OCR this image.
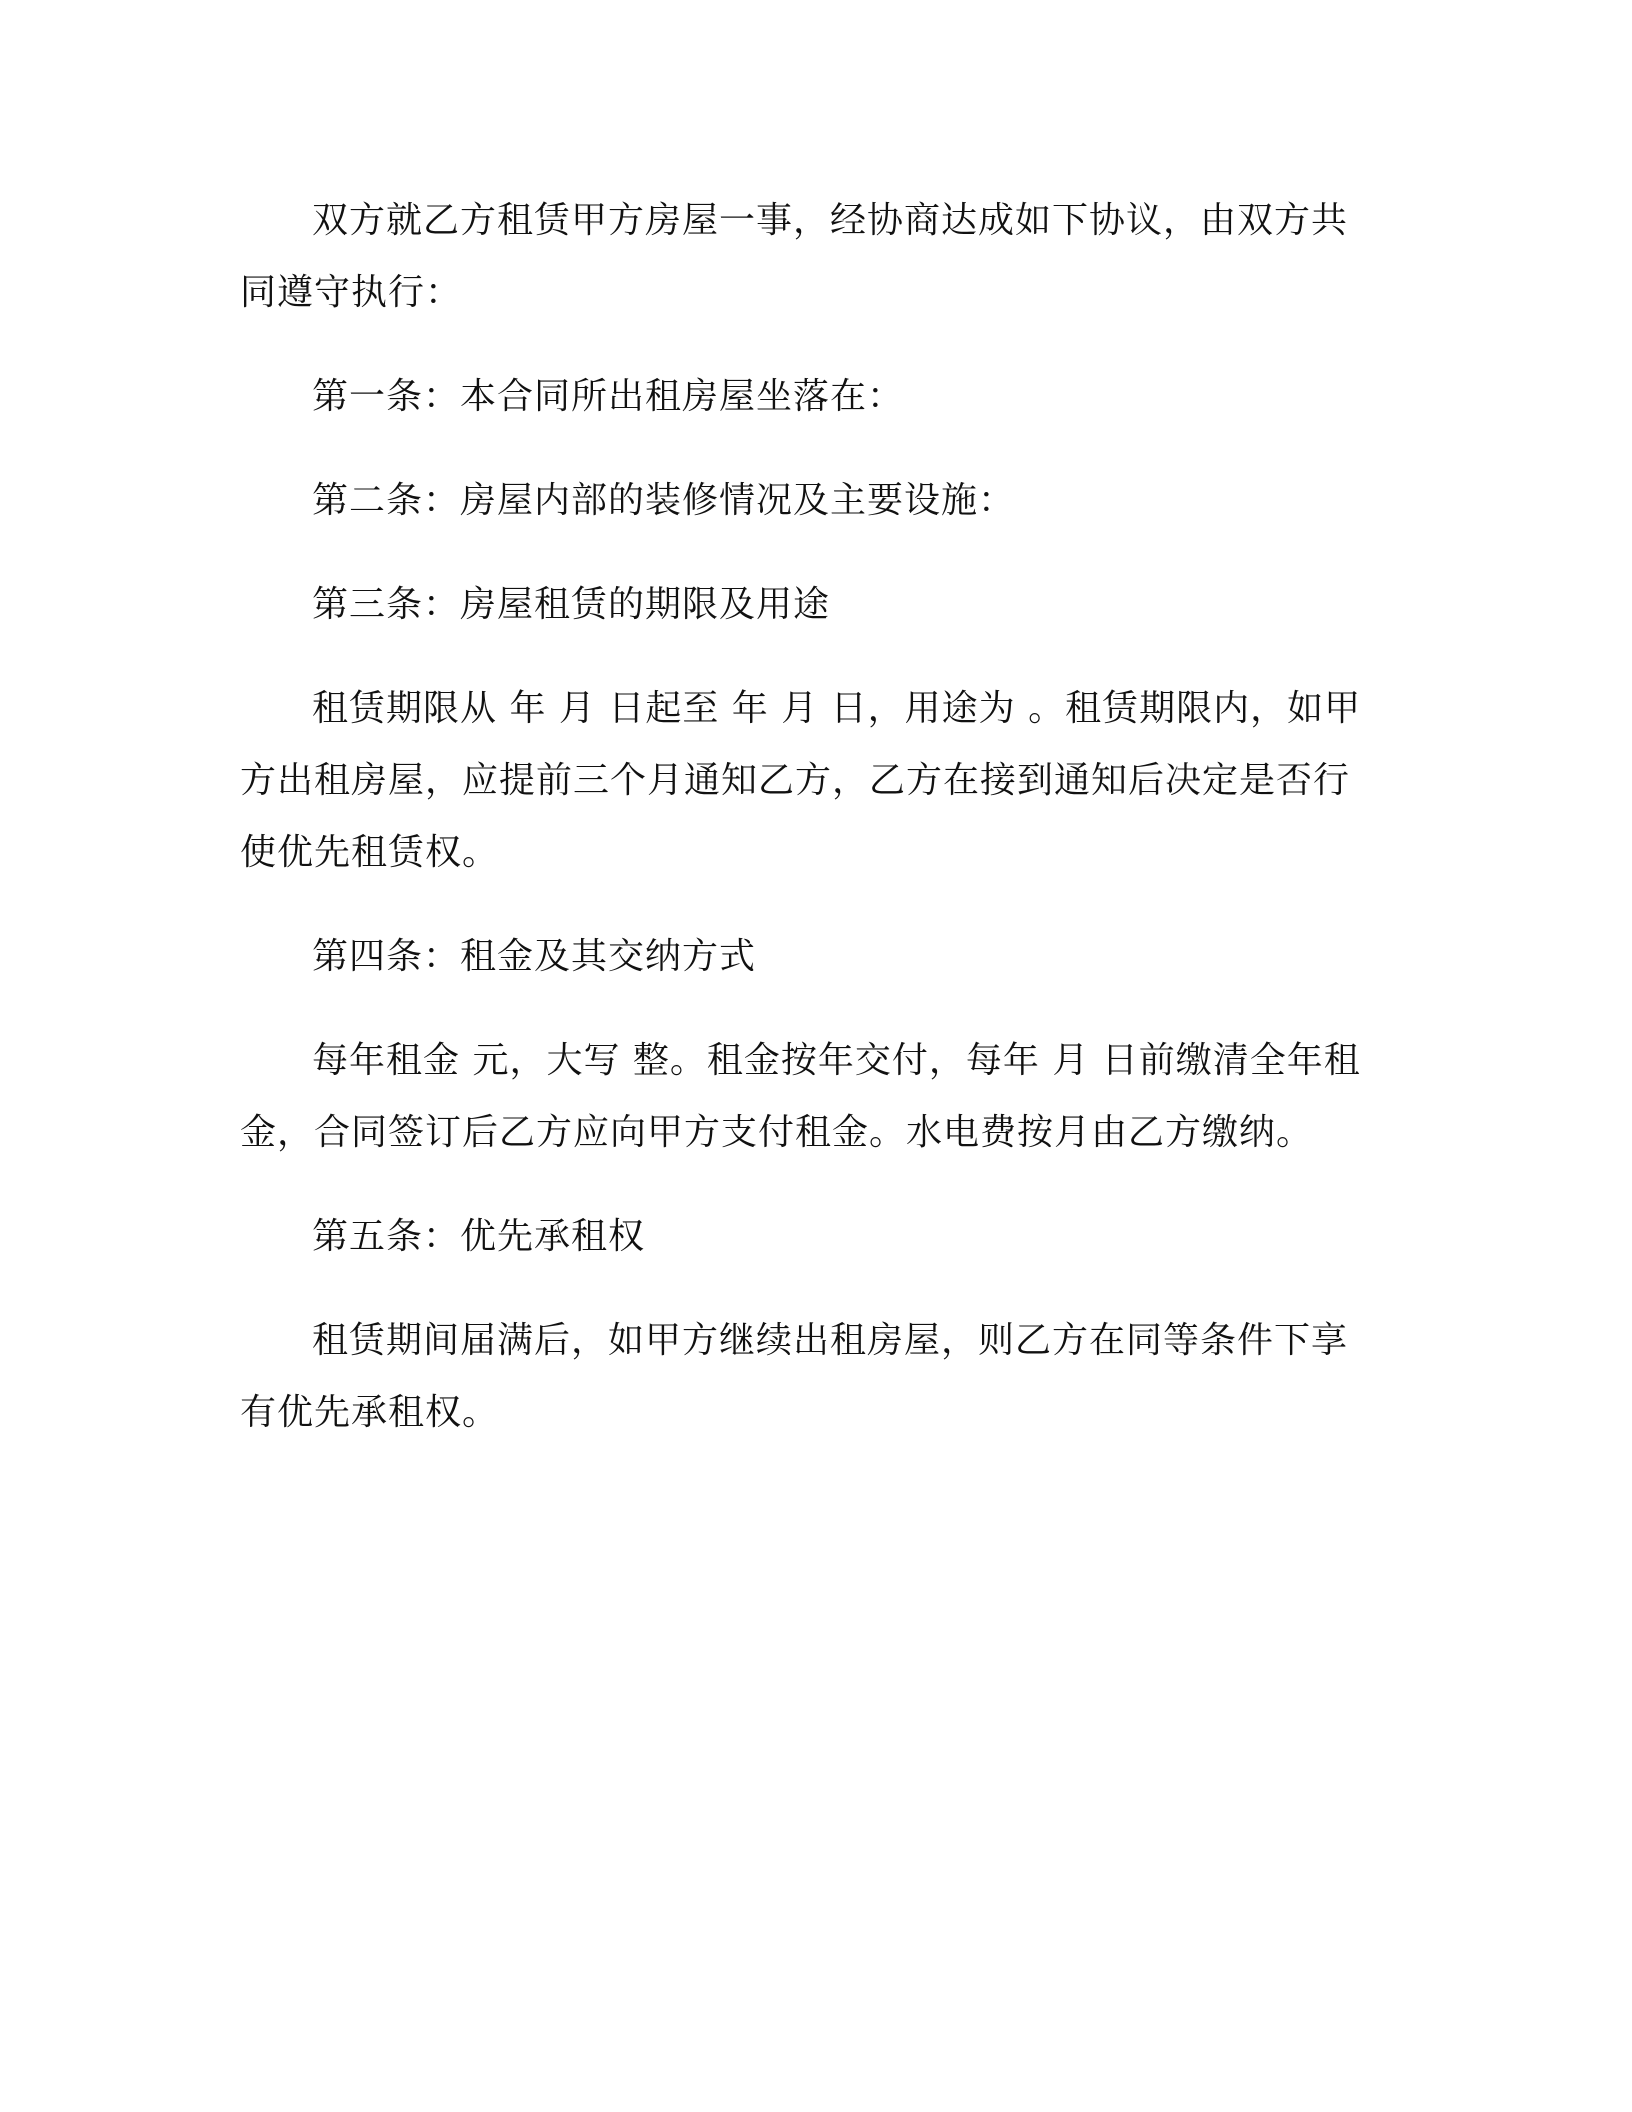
双方就乙方租赁甲方房屋一事，经协商达成如下协议，由双方共同遵守执行：

第一条：本合同所出租房屋坐落在：

第二条：房屋内部的装修情况及主要设施：

第三条：房屋租赁的期限及用途

租赁期限从 年 月 日起至 年 月 日，用途为 。租赁期限内，如甲方出租房屋，应提前三个月通知乙方，乙方在接到通知后决定是否行使优先租赁权。

第四条：租金及其交纳方式

每年租金 元，大写 整。租金按年交付，每年 月 日前缴清全年租金，合同签订后乙方应向甲方支付租金。水电费按月由乙方缴纳。

第五条：优先承租权

租赁期间届满后，如甲方继续出租房屋，则乙方在同等条件下享有优先承租权。
